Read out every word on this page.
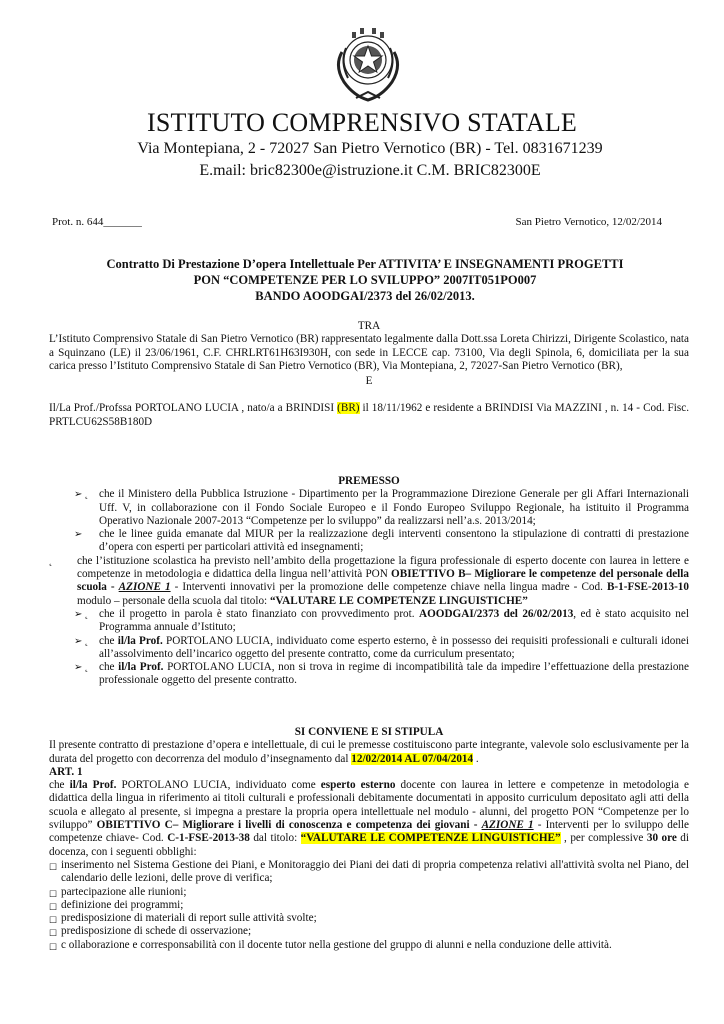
ISTITUTO COMPRENSIVO STATALE
Via Montepiana, 2 - 72027 San Pietro Vernotico (BR) - Tel. 0831671239
E.mail: bric82300e@istruzione.it C.M. BRIC82300E
Prot. n. 644_______	San Pietro Vernotico, 12/02/2014
Contratto Di Prestazione D’opera Intellettuale Per ATTIVITA’ E INSEGNAMENTI PROGETTI
PON “COMPETENZE PER LO SVILUPPO” 2007IT051PO007
BANDO AOODGAI/2373 del 26/02/2013.
TRA
L’Istituto Comprensivo Statale di San Pietro Vernotico (BR) rappresentato legalmente dalla Dott.ssa Loreta Chirizzi, Dirigente Scolastico, nata a Squinzano (LE) il 23/06/1961, C.F. CHRLRT61H63I930H, con sede in LECCE cap. 73100, Via degli Spinola, 6, domiciliata per la sua carica presso l’Istituto Comprensivo Statale di San Pietro Vernotico (BR), Via Montepiana, 2, 72027-San Pietro Vernotico (BR),
E
Il/La Prof./Profssa PORTOLANO LUCIA , nato/a a BRINDISI (BR) il 18/11/1962 e residente a BRINDISI Via MAZZINI , n. 14 - Cod. Fisc. PRTLCU62S58B180D
PREMESSO
➢ ˛ che il Ministero della Pubblica Istruzione - Dipartimento per la Programmazione Direzione Generale per gli Affari Internazionali Uff. V, in collaborazione con il Fondo Sociale Europeo e il Fondo Europeo Sviluppo Regionale, ha istituito il Programma Operativo Nazionale 2007-2013 “Competenze per lo sviluppo” da realizzarsi nell’a.s. 2013/2014;
➢	che le linee guida emanate dal MIUR per la realizzazione degli interventi consentono la stipulazione di contratti di prestazione d’opera con esperti per particolari attività ed insegnamenti;
˛	che l’istituzione scolastica ha previsto nell’ambito della progettazione la figura professionale di esperto docente con laurea in lettere e competenze in metodologia e didattica della lingua nell’attività PON OBIETTIVO B– Migliorare le competenze del personale della scuola - AZIONE 1 - Interventi innovativi per la promozione delle competenze chiave nella lingua madre - Cod. B-1-FSE-2013-10 modulo – personale della scuola dal titolo: “VALUTARE LE COMPETENZE LINGUISTICHE”
➢ ˛ che il progetto in parola è stato finanziato con provvedimento prot. AOODGAI/2373 del 26/02/2013, ed è stato acquisito nel Programma annuale d’Istituto;
➢ ˛ che il/la Prof. PORTOLANO LUCIA, individuato come esperto esterno, è in possesso dei requisiti professionali e culturali idonei all’assolvimento dell’incarico oggetto del presente contratto, come da curriculum presentato;
➢ ˛ che il/la Prof. PORTOLANO LUCIA, non si trova in regime di incompatibilità tale da impedire l’effettuazione della prestazione professionale oggetto del presente contratto.
SI CONVIENE E SI STIPULA
Il presente contratto di prestazione d’opera e intellettuale, di cui le premesse costituiscono parte integrante, valevole solo esclusivamente per la durata del progetto con decorrenza del modulo d’insegnamento dal 12/02/2014 AL 07/04/2014 .
ART. 1
che il/la Prof. PORTOLANO LUCIA, individuato come esperto esterno docente con laurea in lettere e competenze in metodologia e didattica della lingua in riferimento ai titoli culturali e professionali debitamente documentati in apposito curriculum depositato agli atti della scuola e allegato al presente, si impegna a prestare la propria opera intellettuale nel modulo - alunni, del progetto PON “Competenze per lo sviluppo” OBIETTIVO C– Migliorare i livelli di conoscenza e competenza dei giovani - AZIONE 1 - Interventi per lo sviluppo delle competenze chiave- Cod. C-1-FSE-2013-38 dal titolo: “VALUTARE LE COMPETENZE LINGUISTICHE” , per complessive 30 ore di docenza, con i seguenti obblighi:
☐ inserimento nel Sistema Gestione dei Piani, e Monitoraggio dei Piani dei dati di propria competenza relativi all'attività svolta nel Piano, del calendario delle lezioni, delle prove di verifica;
☐ partecipazione alle riunioni;
☐ definizione dei programmi;
☐ predisposizione di materiali di report sulle attività svolte;
☐ predisposizione di schede di osservazione;
☐ c ollaborazione e corresponsabilità con il docente tutor nella gestione del gruppo di alunni e nella conduzione delle attività.
